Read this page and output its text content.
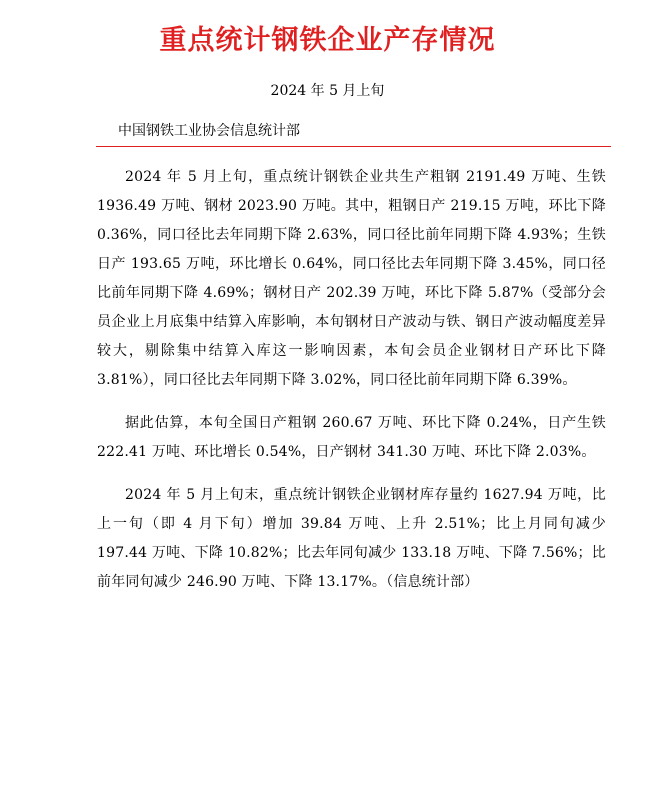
重点统计钢铁企业产存情况
2024 年 5 月上旬
中国钢铁工业协会信息统计部

2024 年 5 月上旬，重点统计钢铁企业共生产粗钢 2191.49 万吨、生铁 1936.49 万吨、钢材 2023.90 万吨。其中，粗钢日产 219.15 万吨，环比下降 0.36%，同口径比去年同期下降 2.63%，同口径比前年同期下降 4.93%；生铁日产 193.65 万吨，环比增长 0.64%，同口径比去年同期下降 3.45%，同口径比前年同期下降 4.69%；钢材日产 202.39 万吨，环比下降 5.87%（受部分会员企业上月底集中结算入库影响，本旬钢材日产波动与铁、钢日产波动幅度差异较大，剔除集中结算入库这一影响因素，本旬会员企业钢材日产环比下降 3.81%），同口径比去年同期下降 3.02%，同口径比前年同期下降 6.39%。

据此估算，本旬全国日产粗钢 260.67 万吨、环比下降 0.24%，日产生铁 222.41 万吨、环比增长 0.54%，日产钢材 341.30 万吨、环比下降 2.03%。

2024 年 5 月上旬末，重点统计钢铁企业钢材库存量约 1627.94 万吨，比上一旬（即 4 月下旬）增加 39.84 万吨、上升 2.51%；比上月同旬减少 197.44 万吨、下降 10.82%；比去年同旬减少 133.18 万吨、下降 7.56%；比前年同旬减少 246.90 万吨、下降 13.17%。（信息统计部）
